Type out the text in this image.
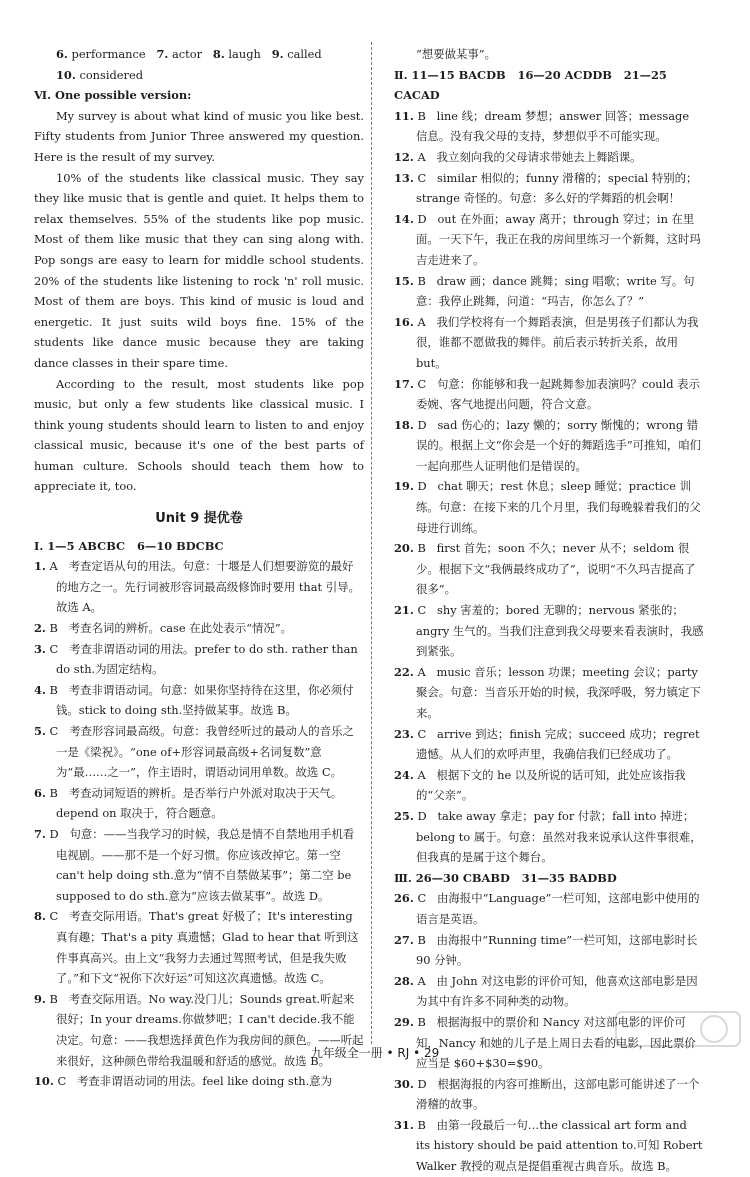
6. performance   7. actor   8. laugh   9. called

10. considered

Ⅵ. One possible version:

My survey is about what kind of music you like best. Fifty students from Junior Three answered my question. Here is the result of my survey.

10% of the students like classical music. They say they like music that is gentle and quiet. It helps them to relax themselves. 55% of the students like pop music. Most of them like music that they can sing along with. Pop songs are easy to learn for middle school students. 20% of the students like listening to rock 'n' roll music. Most of them are boys. This kind of music is loud and energetic. It just suits wild boys fine. 15% of the students like dance music because they are taking dance classes in their spare time.

According to the result, most students like pop music, but only a few students like classical music. I think young students should learn to listen to and enjoy classical music, because it's one of the best parts of human culture. Schools should teach them how to appreciate it, too.

Unit 9 提优卷

Ⅰ. 1—5 ABCBC   6—10 BDCBC

1. A   考查定语从句的用法。句意：十堰是人们想要游览的最好的地方之一。先行词被形容词最高级修饰时要用 that 引导。故选 A。

2. B   考查名词的辨析。case 在此处表示“情况”。

3. C   考查非谓语动词的用法。prefer to do sth. rather than do sth.为固定结构。

4. B   考查非谓语动词。句意：如果你坚持待在这里，你必须付钱。stick to doing sth.坚持做某事。故选 B。

5. C   考查形容词最高级。句意：我曾经听过的最动人的音乐之一是《梁祝》。“one of+形容词最高级+名词复数”意为“最……之一”，作主语时，谓语动词用单数。故选 C。

6. B   考查动词短语的辨析。是否举行户外派对取决于天气。depend on 取决于，符合题意。

7. D   句意：——当我学习的时候，我总是情不自禁地用手机看电视剧。——那不是一个好习惯。你应该改掉它。第一空 can't help doing sth.意为“情不自禁做某事”；第二空 be supposed to do sth.意为“应该去做某事”。故选 D。

8. C   考查交际用语。That's great 好极了；It's interesting 真有趣；That's a pity 真遗憾；Glad to hear that 听到这件事真高兴。由上文“我努力去通过驾照考试，但是我失败了。”和下文“祝你下次好运”可知这次真遗憾。故选 C。

9. B   考查交际用语。No way.没门儿；Sounds great.听起来很好；In your dreams.你做梦吧；I can't decide.我不能决定。句意：——我想选择黄色作为我房间的颜色。——听起来很好，这种颜色带给我温暖和舒适的感觉。故选 B。

10. C   考查非谓语动词的用法。feel like doing sth.意为

“想要做某事”。

Ⅱ. 11—15 BACDB   16—20 ACDDB   21—25 CACAD

11. B   line 线；dream 梦想；answer 回答；message 信息。没有我父母的支持，梦想似乎不可能实现。

12. A   我立刻向我的父母请求带她去上舞蹈课。

13. C   similar 相似的；funny 滑稽的；special 特别的；strange 奇怪的。句意：多么好的学舞蹈的机会啊！

14. D   out 在外面；away 离开；through 穿过；in 在里面。一天下午，我正在我的房间里练习一个新舞，这时玛吉走进来了。

15. B   draw 画；dance 跳舞；sing 唱歌；write 写。句意：我停止跳舞，问道：“玛吉，你怎么了？”

16. A   我们学校将有一个舞蹈表演，但是男孩子们都认为我很，谁都不愿做我的舞伴。前后表示转折关系，故用 but。

17. C   句意：你能够和我一起跳舞参加表演吗？could 表示委婉、客气地提出问题，符合文意。

18. D   sad 伤心的；lazy 懒的；sorry 惭愧的；wrong 错误的。根据上文“你会是一个好的舞蹈选手”可推知，咱们一起向那些人证明他们是错误的。

19. D   chat 聊天；rest 休息；sleep 睡觉；practice 训练。句意：在接下来的几个月里，我们每晚躲着我们的父母进行训练。

20. B   first 首先；soon 不久；never 从不；seldom 很少。根据下文“我俩最终成功了”，说明“不久玛吉提高了很多”。

21. C   shy 害羞的；bored 无聊的；nervous 紧张的；angry 生气的。当我们注意到我父母要来看表演时，我感到紧张。

22. A   music 音乐；lesson 功课；meeting 会议；party 聚会。句意：当音乐开始的时候，我深呼吸，努力镇定下来。

23. C   arrive 到达；finish 完成；succeed 成功；regret 遗憾。从人们的欢呼声里，我确信我们已经成功了。

24. A   根据下文的 he 以及所说的话可知，此处应该指我的“父亲”。

25. D   take away 拿走；pay for 付款；fall into 掉进；belong to 属于。句意：虽然对我来说承认这件事很难，但我真的是属于这个舞台。

Ⅲ. 26—30 CBABD   31—35 BADBD

26. C   由海报中“Language”一栏可知，这部电影中使用的语言是英语。

27. B   由海报中“Running time”一栏可知，这部电影时长 90 分钟。

28. A   由 John 对这电影的评价可知，他喜欢这部电影是因为其中有许多不同种类的动物。

29. B   根据海报中的票价和 Nancy 对这部电影的评价可知，Nancy 和她的儿子是上周日去看的电影，因此票价应当是 $60+$30=$90。

30. D   根据海报的内容可推断出，这部电影可能讲述了一个滑稽的故事。

31. B   由第一段最后一句…the classical art form and its history should be paid attention to.可知 Robert Walker 教授的观点是提倡重视古典音乐。故选 B。

九年级全一册 • RJ • 29
